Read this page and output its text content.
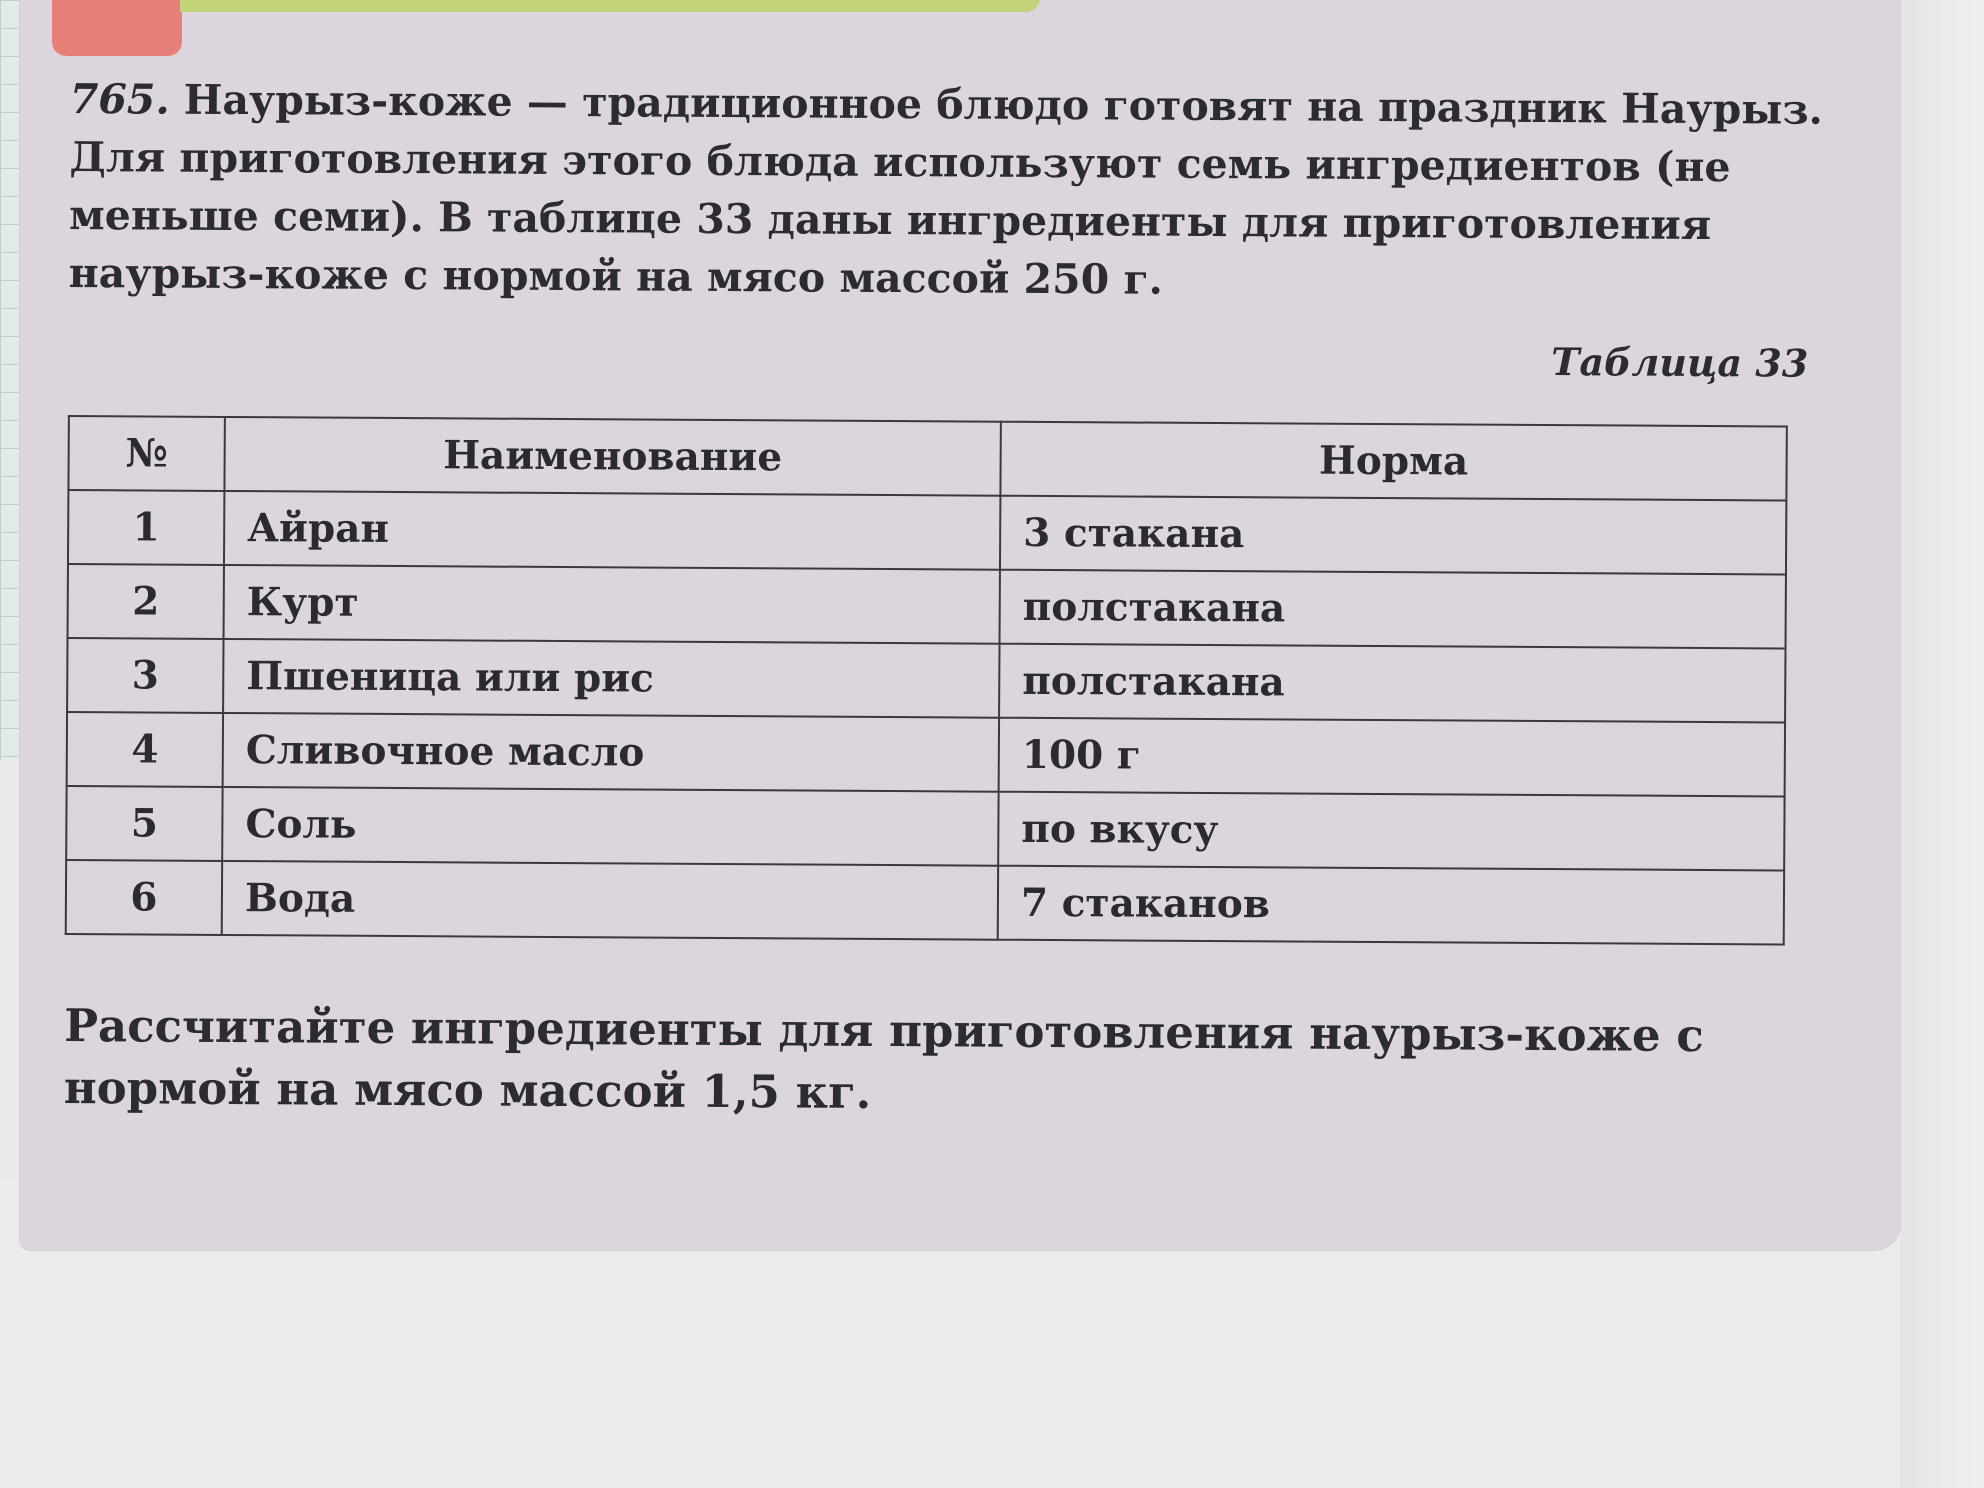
765. Наурыз-коже — традиционное блюдо готовят на праздник Наурыз. Для приготовления этого блюда используют семь ингредиентов (не меньше семи). В таблице 33 даны ингредиенты для приготовления наурыз-коже с нормой на мясо массой 250 г.

Таблица 33
№	Наименование	Норма
1	Айран	3 стакана
2	Курт	полстакана
3	Пшеница или рис	полстакана
4	Сливочное масло	100 г
5	Соль	по вкусу
6	Вода	7 стаканов
Рассчитайте ингредиенты для приготовления наурыз-коже с нормой на мясо массой 1,5 кг.
